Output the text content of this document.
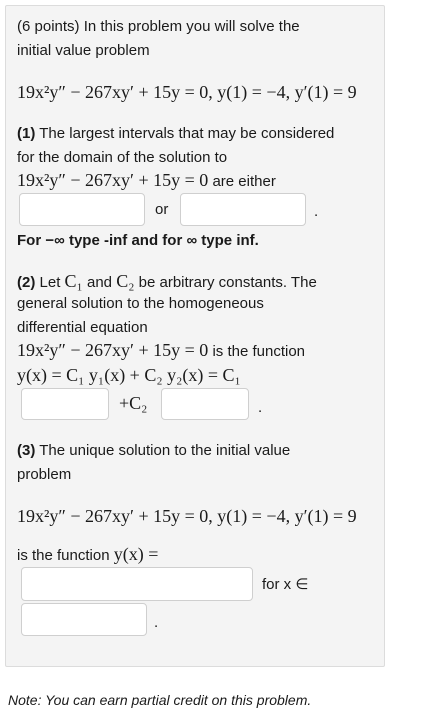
(6 points) In this problem you will solve the
initial value problem
19x²y″ − 267xy′ + 15y = 0, y(1) = −4, y′(1) = 9
(1) The largest intervals that may be considered
for the domain of the solution to
19x²y″ − 267xy′ + 15y = 0 are either
or	.
For −∞ type -inf and for ∞ type inf.
(2) Let C₁ and C₂ be arbitrary constants. The
general solution to the homogeneous
differential equation
19x²y″ − 267xy′ + 15y = 0 is the function
y(x) = C₁ y₁(x) + C₂ y₂(x) = C₁
+C₂	.
(3) The unique solution to the initial value
problem
19x²y″ − 267xy′ + 15y = 0, y(1) = −4, y′(1) = 9
is the function y(x) =
for x ∈
.
Note: You can earn partial credit on this problem.
